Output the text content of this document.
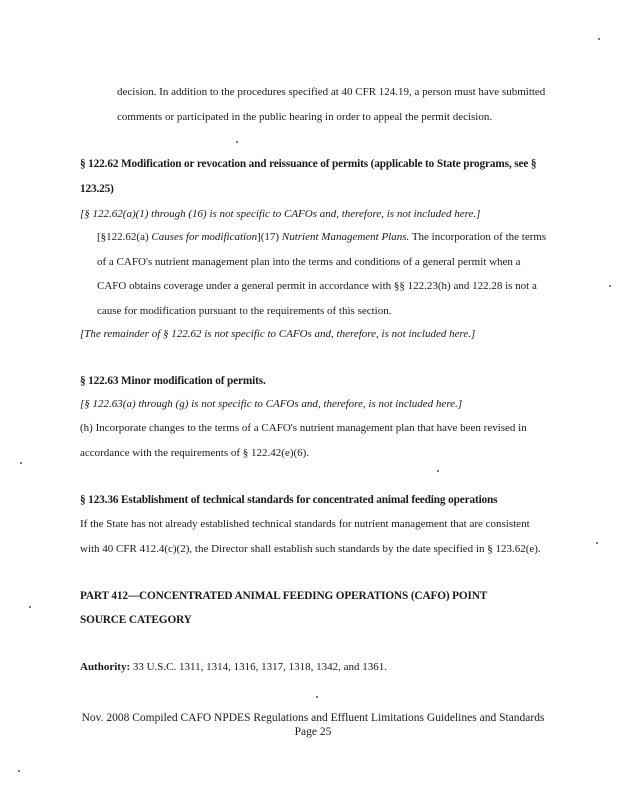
decision. In addition to the procedures specified at 40 CFR 124.19, a person must have submitted
comments or participated in the public hearing in order to appeal the permit decision.
§ 122.62 Modification or revocation and reissuance of permits (applicable to State programs, see §
123.25)
[§ 122.62(a)(1) through (16) is not specific to CAFOs and, therefore, is not included here.]
[§122.62(a) Causes for modification](17) Nutrient Management Plans. The incorporation of the terms
of a CAFO's nutrient management plan into the terms and conditions of a general permit when a
CAFO obtains coverage under a general permit in accordance with §§ 122.23(h) and 122.28 is not a
cause for modification pursuant to the requirements of this section.
[The remainder of § 122.62 is not specific to CAFOs and, therefore, is not included here.]
§ 122.63 Minor modification of permits.
[§ 122.63(a) through (g) is not specific to CAFOs and, therefore, is not included here.]
(h) Incorporate changes to the terms of a CAFO's nutrient management plan that have been revised in
accordance with the requirements of § 122.42(e)(6).
§ 123.36 Establishment of technical standards for concentrated animal feeding operations
If the State has not already established technical standards for nutrient management that are consistent
with 40 CFR 412.4(c)(2), the Director shall establish such standards by the date specified in § 123.62(e).
PART 412—CONCENTRATED ANIMAL FEEDING OPERATIONS (CAFO) POINT
SOURCE CATEGORY
Authority: 33 U.S.C. 1311, 1314, 1316, 1317, 1318, 1342, and 1361.
Nov. 2008 Compiled CAFO NPDES Regulations and Effluent Limitations Guidelines and Standards
Page 25
